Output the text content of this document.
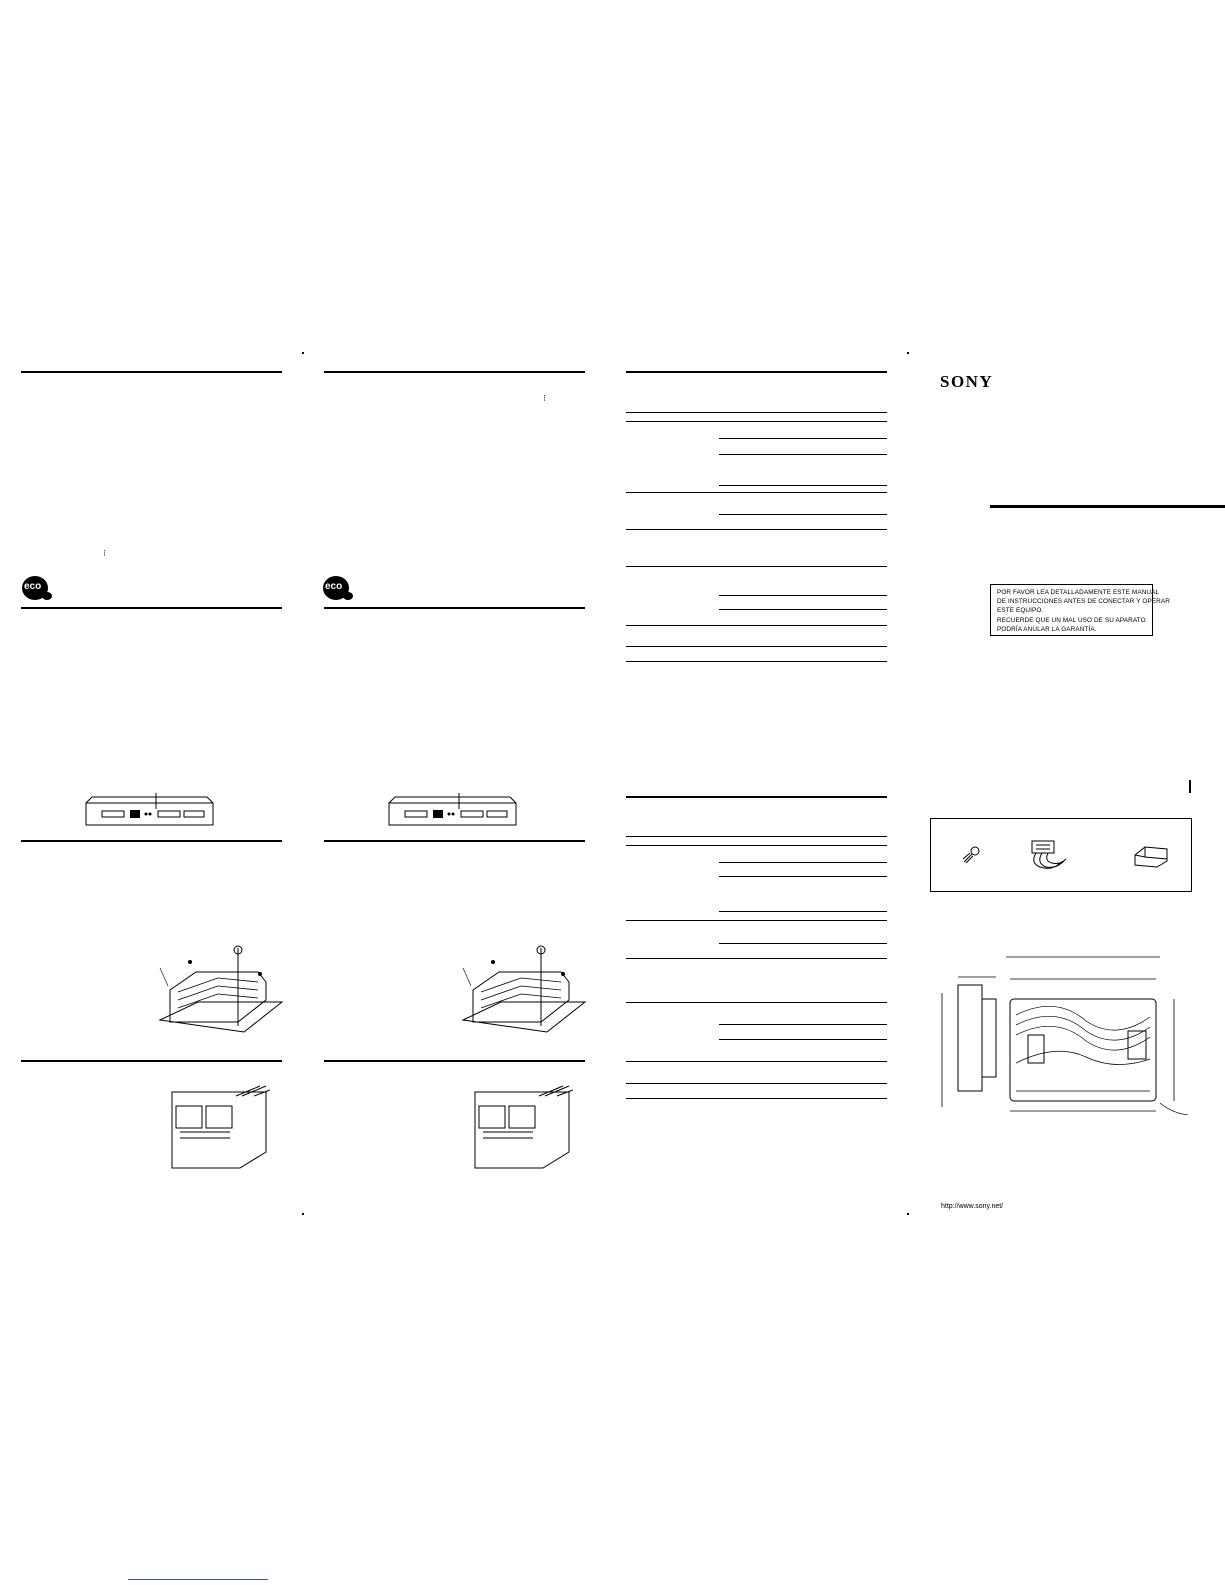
⁝
eco
⁝
eco
SONY
POR FAVOR LEA DETALLADAMENTE ESTE MANUAL
DE INSTRUCCIONES ANTES DE CONECTAR Y OPERAR
ESTE EQUIPO.
RECUERDE QUE UN MAL USO DE SU APARATO
PODRÍA ANULAR LA GARANTÍA.
http://www.sony.net/
